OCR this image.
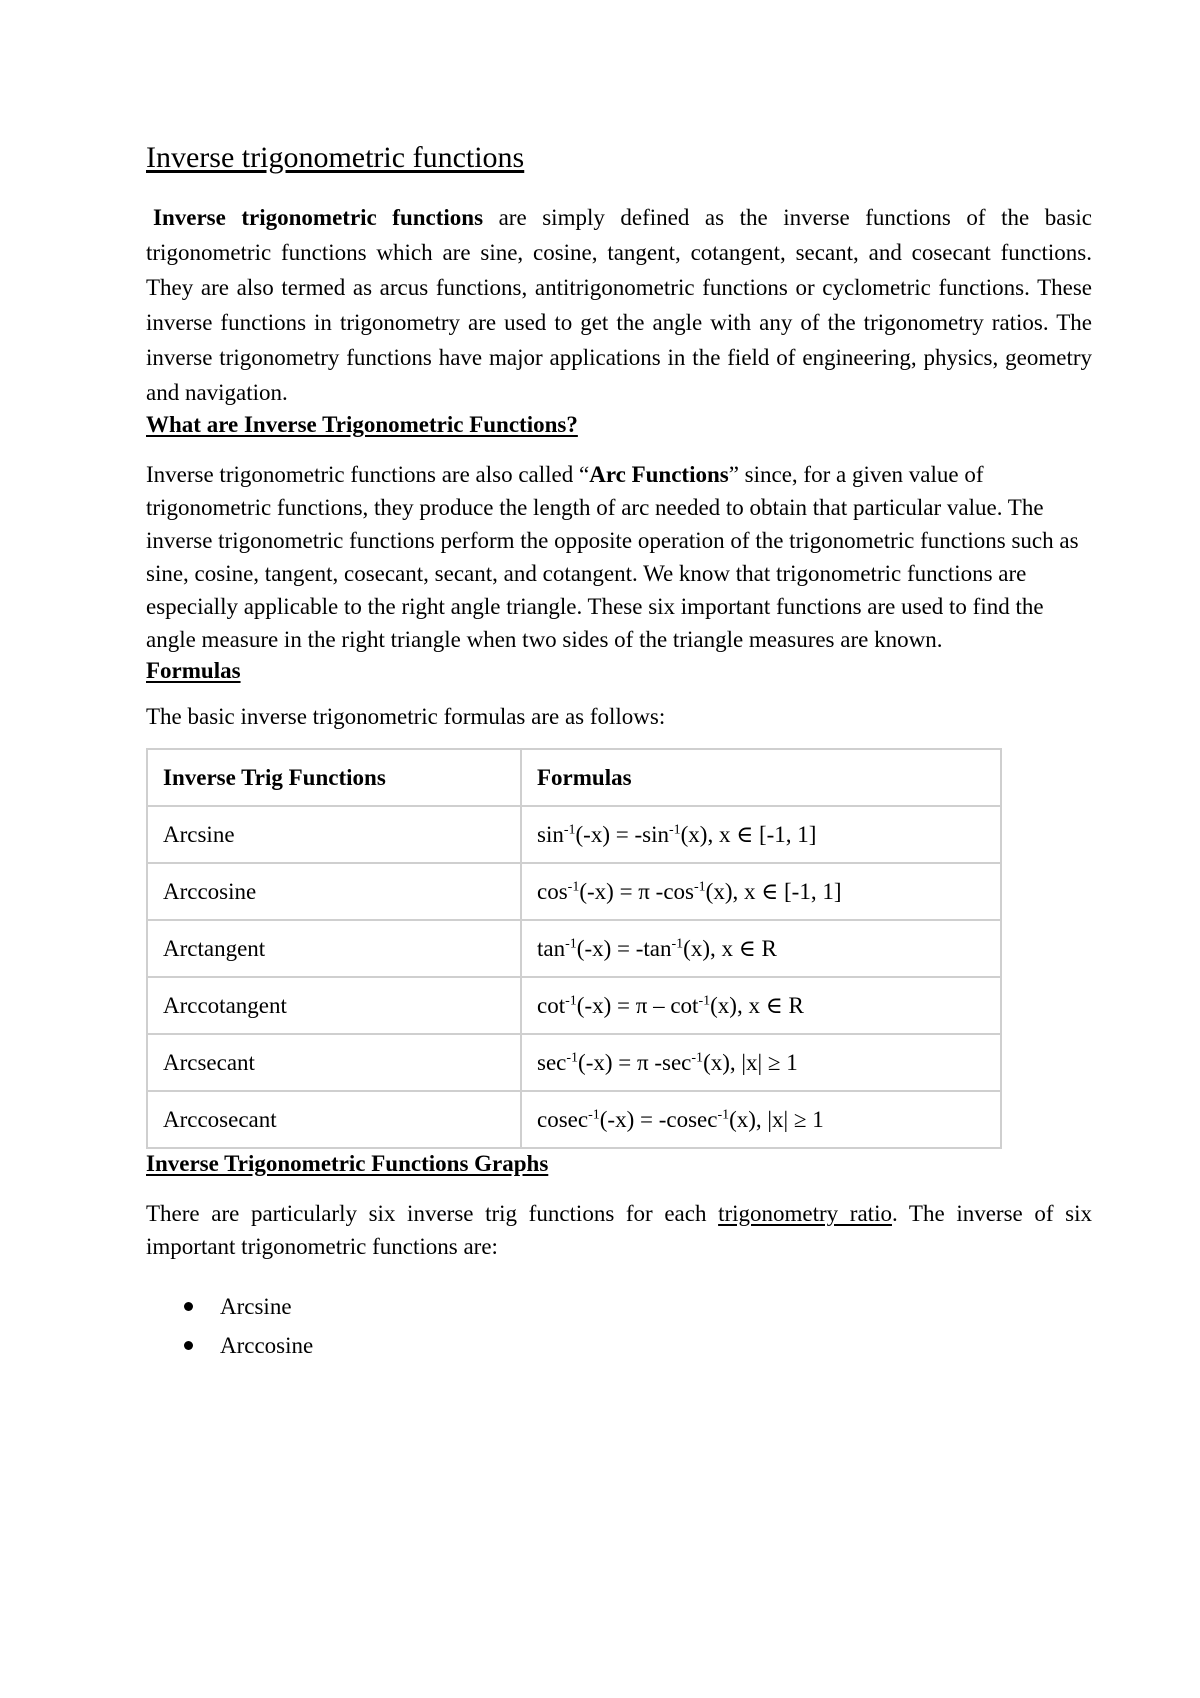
Inverse trigonometric functions

Inverse trigonometric functions are simply defined as the inverse functions of the basic trigonometric functions which are sine, cosine, tangent, cotangent, secant, and cosecant functions. They are also termed as arcus functions, antitrigonometric functions or cyclometric functions. These inverse functions in trigonometry are used to get the angle with any of the trigonometry ratios. The inverse trigonometry functions have major applications in the field of engineering, physics, geometry and navigation.

What are Inverse Trigonometric Functions?

Inverse trigonometric functions are also called “Arc Functions” since, for a given value of trigonometric functions, they produce the length of arc needed to obtain that particular value. The inverse trigonometric functions perform the opposite operation of the trigonometric functions such as sine, cosine, tangent, cosecant, secant, and cotangent. We know that trigonometric functions are especially applicable to the right angle triangle. These six important functions are used to find the angle measure in the right triangle when two sides of the triangle measures are known.

Formulas

The basic inverse trigonometric formulas are as follows:

Inverse Trig Functions	Formulas
Arcsine	$\sin^{-1}(-x) = -\sin^{-1}(x)$, x ∈ [-1, 1]
Arccosine	$\cos^{-1}(-x) = \pi$ $-\cos^{-1}(x)$, x ∈ [-1, 1]
Arctangent	$\tan^{-1}(-x) = -\tan^{-1}(x)$, x ∈ R
Arccotangent	$\cot^{-1}(-x) = \pi - \cot^{-1}(x)$, x ∈ R
Arcsecant	$\sec^{-1}(-x) = \pi$ $-\sec^{-1}(x)$, |x| ≥ 1
Arccosecant	cosec$^{-1}$(-x) = -cosec$^{-1}$(x), |x| ≥ 1
Inverse Trigonometric Functions Graphs

There are particularly six inverse trig functions for each trigonometry ratio. The inverse of six important trigonometric functions are:

Arcsine
Arccosine
